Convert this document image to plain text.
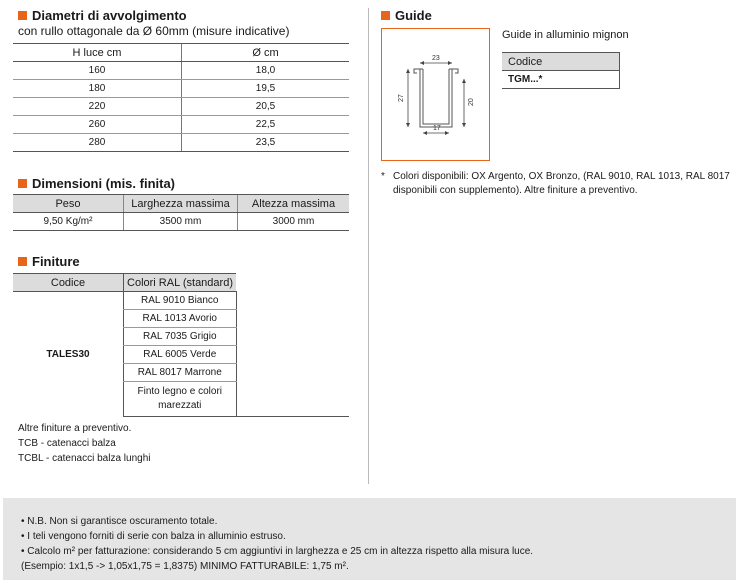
Diametri di avvolgimento
con rullo ottagonale da Ø 60mm (misure indicative)
H luce cm	Ø cm
160	18,0
180	19,5
220	20,5
260	22,5
280	23,5
Dimensioni (mis. finita)
Peso	Larghezza massima	Altezza massima
9,50 Kg/m²	3500 mm	3000 mm
Finiture
Codice	Colori RAL (standard)	
TALES30	RAL 9010 Bianco	
	RAL 1013 Avorio	
	RAL 7035 Grigio	
	RAL 6005 Verde	
	RAL 8017 Marrone	
	Finto legno e colori
marezzati	
Altre finiture a preventivo.
TCB - catenacci balza
TCBL - catenacci balza lunghi
Guide
23
27
20
17
Guide in alluminio mignon
Codice
TGM...*
* Colori disponibili: OX Argento, OX Bronzo, (RAL 9010, RAL 1013, RAL 8017
disponibili con supplemento). Altre finiture a preventivo.
• N.B. Non si garantisce oscuramento totale.
• I teli vengono forniti di serie con balza in alluminio estruso.
• Calcolo m² per fatturazione: considerando 5 cm aggiuntivi in larghezza e 25 cm in altezza rispetto alla misura luce.
(Esempio: 1x1,5 -> 1,05x1,75 = 1,8375) MINIMO FATTURABILE: 1,75 m².
